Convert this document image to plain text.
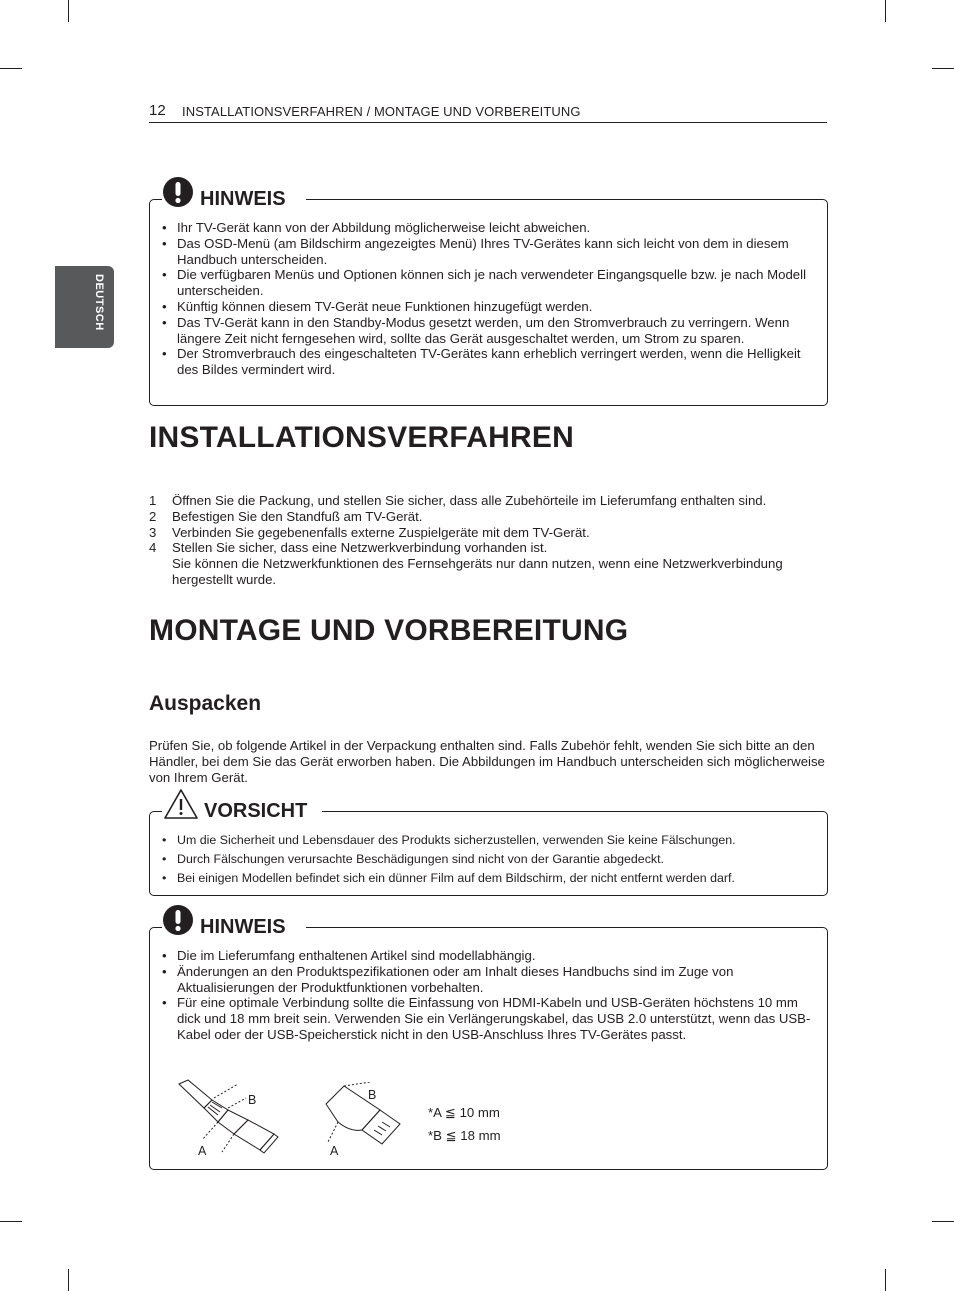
12 INSTALLATIONSVERFAHREN / MONTAGE UND VORBEREITUNG
DEUTSCH
HINWEIS
• Ihr TV-Gerät kann von der Abbildung möglicherweise leicht abweichen.
• Das OSD-Menü (am Bildschirm angezeigtes Menü) Ihres TV-Gerätes kann sich leicht von dem in diesem Handbuch unterscheiden.
• Die verfügbaren Menüs und Optionen können sich je nach verwendeter Eingangsquelle bzw. je nach Modell unterscheiden.
• Künftig können diesem TV-Gerät neue Funktionen hinzugefügt werden.
• Das TV-Gerät kann in den Standby-Modus gesetzt werden, um den Stromverbrauch zu verringern. Wenn längere Zeit nicht ferngesehen wird, sollte das Gerät ausgeschaltet werden, um Strom zu sparen.
• Der Stromverbrauch des eingeschalteten TV-Gerätes kann erheblich verringert werden, wenn die Helligkeit des Bildes vermindert wird.
INSTALLATIONSVERFAHREN
1 Öffnen Sie die Packung, und stellen Sie sicher, dass alle Zubehörteile im Lieferumfang enthalten sind.
2 Befestigen Sie den Standfuß am TV-Gerät.
3 Verbinden Sie gegebenenfalls externe Zuspielgeräte mit dem TV-Gerät.
4 Stellen Sie sicher, dass eine Netzwerkverbindung vorhanden ist.
Sie können die Netzwerkfunktionen des Fernsehgeräts nur dann nutzen, wenn eine Netzwerkverbindung hergestellt wurde.
MONTAGE UND VORBEREITUNG
Auspacken
Prüfen Sie, ob folgende Artikel in der Verpackung enthalten sind. Falls Zubehör fehlt, wenden Sie sich bitte an den Händler, bei dem Sie das Gerät erworben haben. Die Abbildungen im Handbuch unterscheiden sich möglicherweise von Ihrem Gerät.
VORSICHT
• Um die Sicherheit und Lebensdauer des Produkts sicherzustellen, verwenden Sie keine Fälschungen.
• Durch Fälschungen verursachte Beschädigungen sind nicht von der Garantie abgedeckt.
• Bei einigen Modellen befindet sich ein dünner Film auf dem Bildschirm, der nicht entfernt werden darf.
HINWEIS
• Die im Lieferumfang enthaltenen Artikel sind modellabhängig.
• Änderungen an den Produktspezifikationen oder am Inhalt dieses Handbuchs sind im Zuge von Aktualisierungen der Produktfunktionen vorbehalten.
• Für eine optimale Verbindung sollte die Einfassung von HDMI-Kabeln und USB-Geräten höchstens 10 mm dick und 18 mm breit sein. Verwenden Sie ein Verlängerungskabel, das USB 2.0 unterstützt, wenn das USB-Kabel oder der USB-Speicherstick nicht in den USB-Anschluss Ihres TV-Gerätes passt.
B
A
B
A
*A ≦ 10 mm
*B ≦ 18 mm
